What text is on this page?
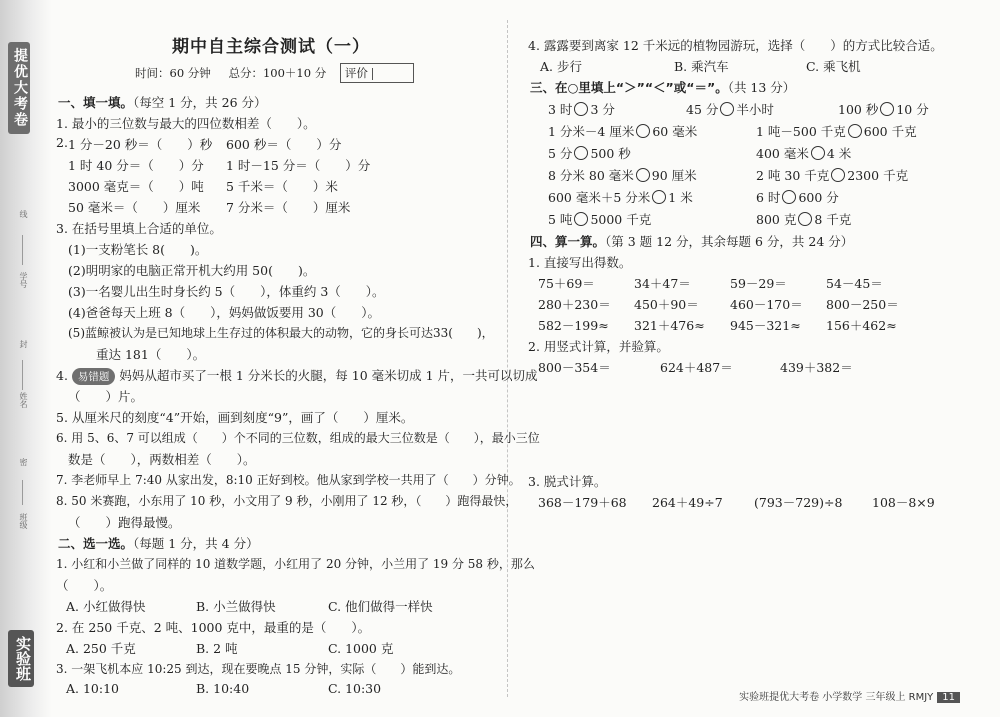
提优大考卷
线
学号
封
姓名
密
班级
实验班
期中自主综合测试（一）
时间：60 分钟 总分：100＋10 分 评价
一、填一填。（每空 1 分，共 26 分）
1. 最小的三位数与最大的四位数相差（　　）。
2. 1 分－20 秒＝（　　）秒 600 秒＝（　　）分
1 时 40 分＝（　　）分 1 时－15 分＝（　　）分
3000 毫克＝（　　）吨 5 千米＝（　　）米
50 毫米＝（　　）厘米 7 分米＝（　　）厘米
3. 在括号里填上合适的单位。
(1)一支粉笔长 8(　　)。
(2)明明家的电脑正常开机大约用 50(　　)。
(3)一名婴儿出生时身长约 5（　　），体重约 3（　　）。
(4)爸爸每天上班 8（　　），妈妈做饭要用 30（　　）。
(5)蓝鲸被认为是已知地球上生存过的体积最大的动物，它的身长可达33(　　)，
重达 181（　　）。
4. 易错题 妈妈从超市买了一根 1 分米长的火腿，每 10 毫米切成 1 片，一共可以切成
（　　）片。
5. 从厘米尺的刻度“4”开始，画到刻度“9”，画了（　　）厘米。
6. 用 5、6、7 可以组成（　　）个不同的三位数，组成的最大三位数是（　　），最小三位
数是（　　），两数相差（　　）。
7. 李老师早上 7:40 从家出发，8:10 正好到校。他从家到学校一共用了（　　）分钟。
8. 50 米赛跑，小东用了 10 秒，小文用了 9 秒，小刚用了 12 秒，（　　）跑得最快，
（　　）跑得最慢。
二、选一选。（每题 1 分，共 4 分）
1. 小红和小兰做了同样的 10 道数学题，小红用了 20 分钟，小兰用了 19 分 58 秒，那么
（　　）。
A. 小红做得快	B. 小兰做得快	C. 他们做得一样快
2. 在 250 千克、2 吨、1000 克中，最重的是（　　）。
A. 250 千克	B. 2 吨	C. 1000 克
3. 一架飞机本应 10:25 到达，现在要晚点 15 分钟，实际（　　）能到达。
A. 10:10	B. 10:40	C. 10:30
4. 露露要到离家 12 千米远的植物园游玩，选择（　　）的方式比较合适。
A. 步行	B. 乘汽车	C. 乘飞机
三、在○里填上“＞”“＜”或“＝”。（共 13 分）
3 时 3 分	45 分 半小时	100 秒 10 分
1 分米－4 厘米 60 毫米	1 吨－500 千克 600 千克
5 分 500 秒	400 毫米 4 米
8 分米 80 毫米 90 厘米	2 吨 30 千克 2300 千克
600 毫米＋5 分米 1 米	6 时 600 分
5 吨 5000 千克	800 克 8 千克
四、算一算。（第 3 题 12 分，其余每题 6 分，共 24 分）
1. 直接写出得数。
75＋69＝	34＋47＝	59－29＝	54－45＝
280＋230＝ 450＋90＝ 460－170＝ 800－250＝
582－199≈ 321＋476≈ 945－321≈ 156＋462≈
2. 用竖式计算，并验算。
800－354＝	624＋487＝	439＋382＝
3. 脱式计算。
368－179＋68 264＋49÷7	(793－729)÷8 108－8×9
实验班提优大考卷 小学数学 三年级上 RMJY 11
